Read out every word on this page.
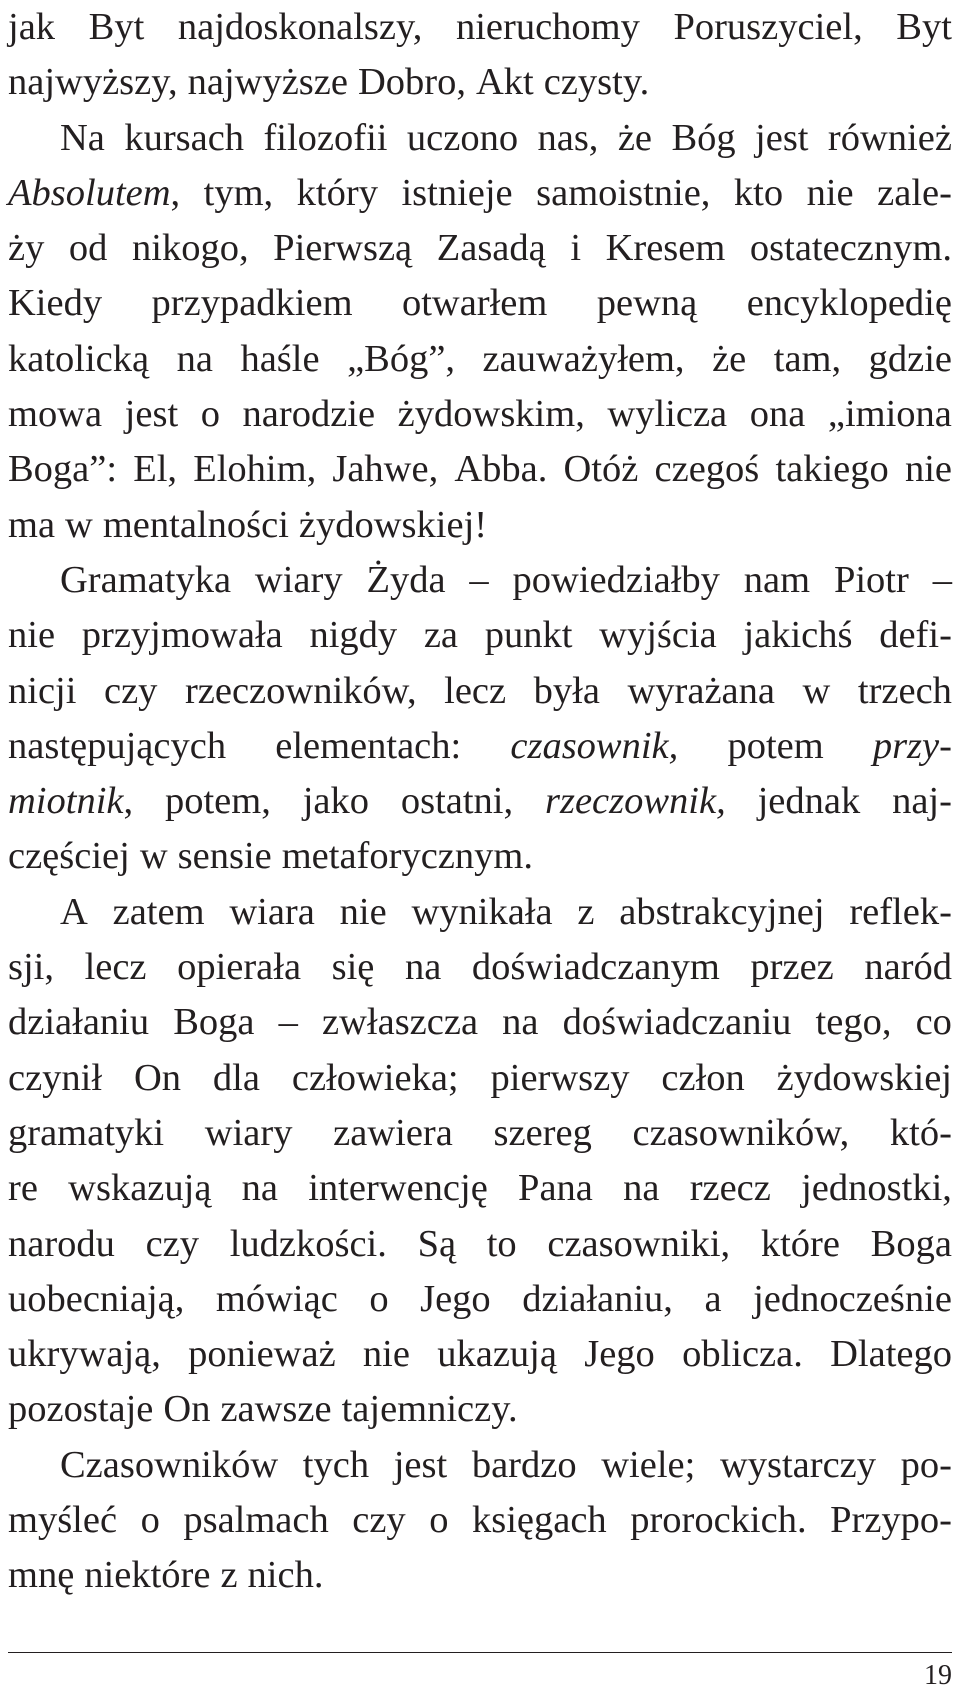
jak Byt najdoskonalszy, nieruchomy Poruszyciel, Byt
najwyższy, najwyższe Dobro, Akt czysty.
Na kursach filozofii uczono nas, że Bóg jest również
Absolutem, tym, który istnieje samoistnie, kto nie zale-
ży od nikogo, Pierwszą Zasadą i Kresem ostatecznym.
Kiedy przypadkiem otwarłem pewną encyklopedię
katolicką na haśle „Bóg”, zauważyłem, że tam, gdzie
mowa jest o narodzie żydowskim, wylicza ona „imiona
Boga”: El, Elohim, Jahwe, Abba. Otóż czegoś takiego nie
ma w mentalności żydowskiej!
Gramatyka wiary Żyda – powiedziałby nam Piotr –
nie przyjmowała nigdy za punkt wyjścia jakichś defi-
nicji czy rzeczowników, lecz była wyrażana w trzech
następujących elementach: czasownik, potem przy-
miotnik, potem, jako ostatni, rzeczownik, jednak naj-
częściej w sensie metaforycznym.
A zatem wiara nie wynikała z abstrakcyjnej reflek-
sji, lecz opierała się na doświadczanym przez naród
działaniu Boga – zwłaszcza na doświadczaniu tego, co
czynił On dla człowieka; pierwszy człon żydowskiej
gramatyki wiary zawiera szereg czasowników, któ-
re wskazują na interwencję Pana na rzecz jednostki,
narodu czy ludzkości. Są to czasowniki, które Boga
uobecniają, mówiąc o Jego działaniu, a jednocześnie
ukrywają, ponieważ nie ukazują Jego oblicza. Dlatego
pozostaje On zawsze tajemniczy.
Czasowników tych jest bardzo wiele; wystarczy po-
myśleć o psalmach czy o księgach prorockich. Przypo-
mnę niektóre z nich.
19
